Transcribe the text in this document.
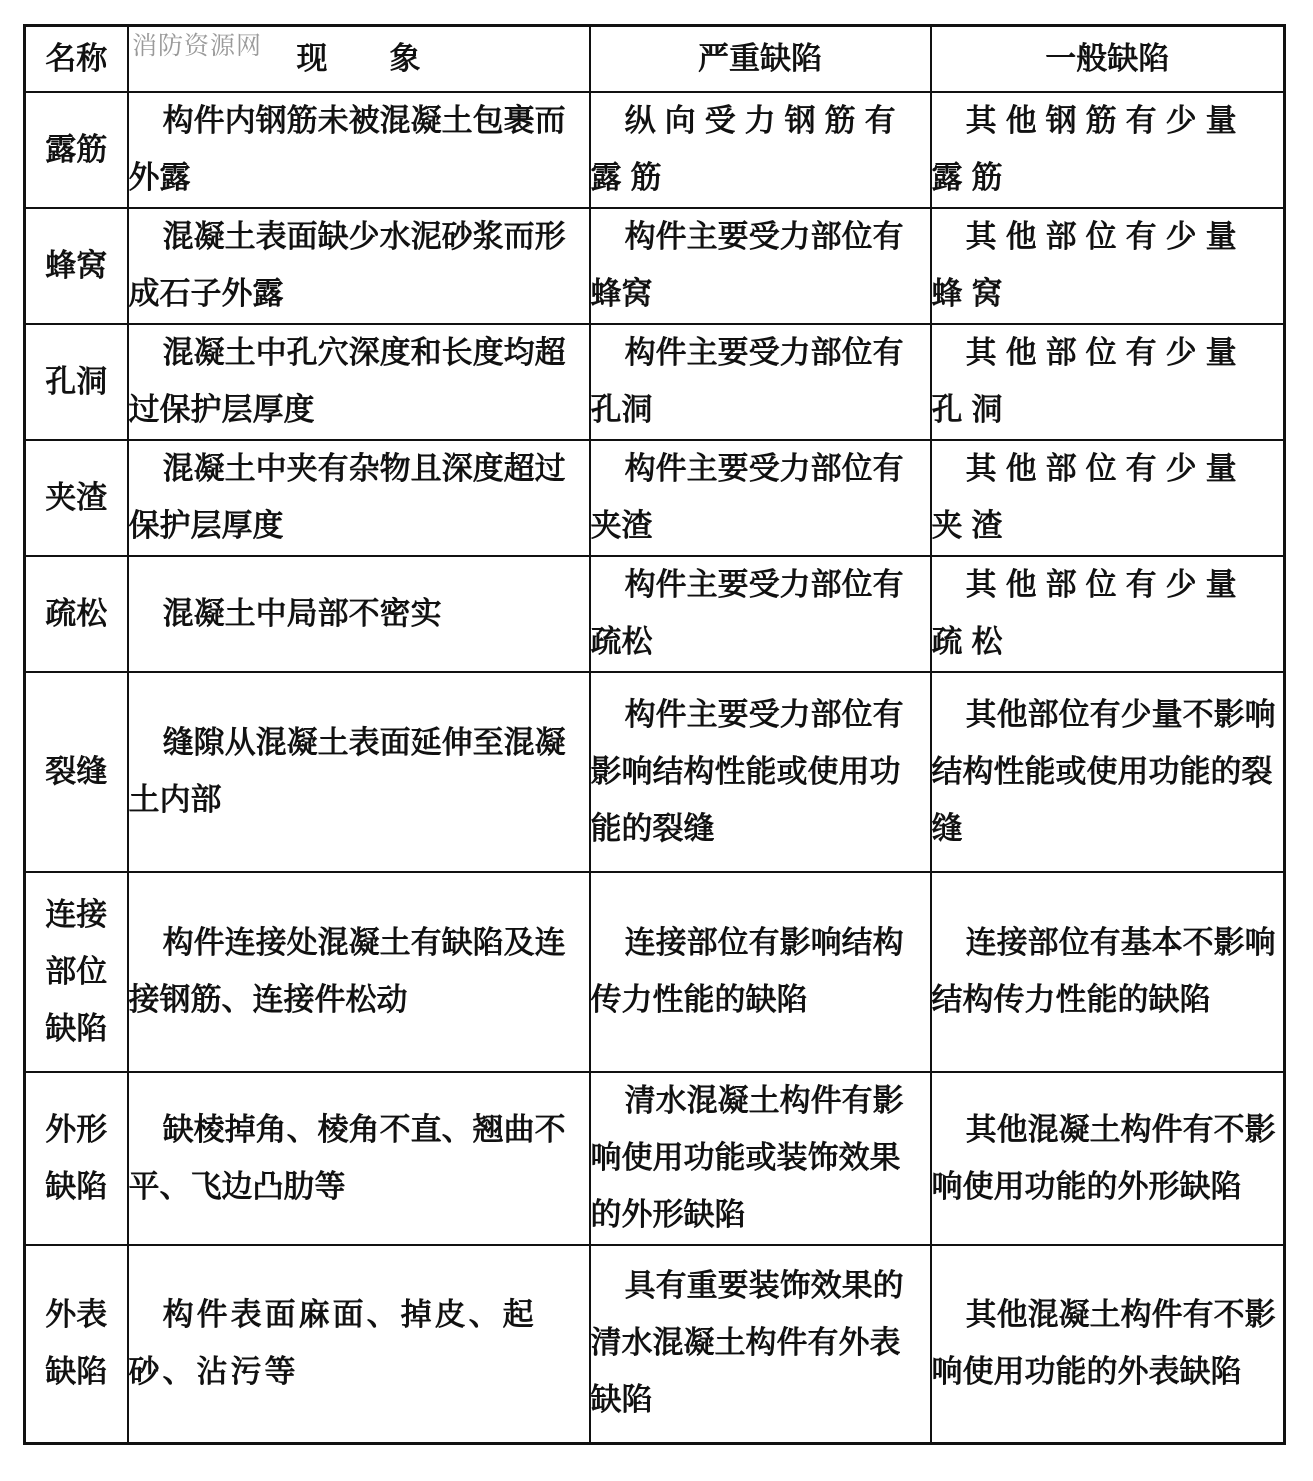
消防资源网
名称	现　　象	严重缺陷	一般缺陷
露筋	构件内钢筋未被混凝土包裹而外露	纵向受力钢筋有露筋	其他钢筋有少量露筋

蜂窝	混凝土表面缺少水泥砂浆而形成石子外露	构件主要受力部位有蜂窝	其他部位有少量蜂窝

孔洞	混凝土中孔穴深度和长度均超过保护层厚度	构件主要受力部位有孔洞	其他部位有少量孔洞

夹渣	混凝土中夹有杂物且深度超过保护层厚度	构件主要受力部位有夹渣	其他部位有少量夹渣

疏松	混凝土中局部不密实	构件主要受力部位有疏松	其他部位有少量疏松

裂缝	缝隙从混凝土表面延伸至混凝土内部	构件主要受力部位有影响结构性能或使用功能的裂缝	其他部位有少量不影响结构性能或使用功能的裂缝

连接
部位
缺陷	构件连接处混凝土有缺陷及连接钢筋、连接件松动	连接部位有影响结构传力性能的缺陷	连接部位有基本不影响结构传力性能的缺陷

外形
缺陷	缺棱掉角、棱角不直、翘曲不平、飞边凸肋等	清水混凝土构件有影响使用功能或装饰效果的外形缺陷	其他混凝土构件有不影响使用功能的外形缺陷

外表
缺陷	构件表面麻面、掉皮、起砂、沾污等	具有重要装饰效果的清水混凝土构件有外表缺陷	其他混凝土构件有不影响使用功能的外表缺陷
